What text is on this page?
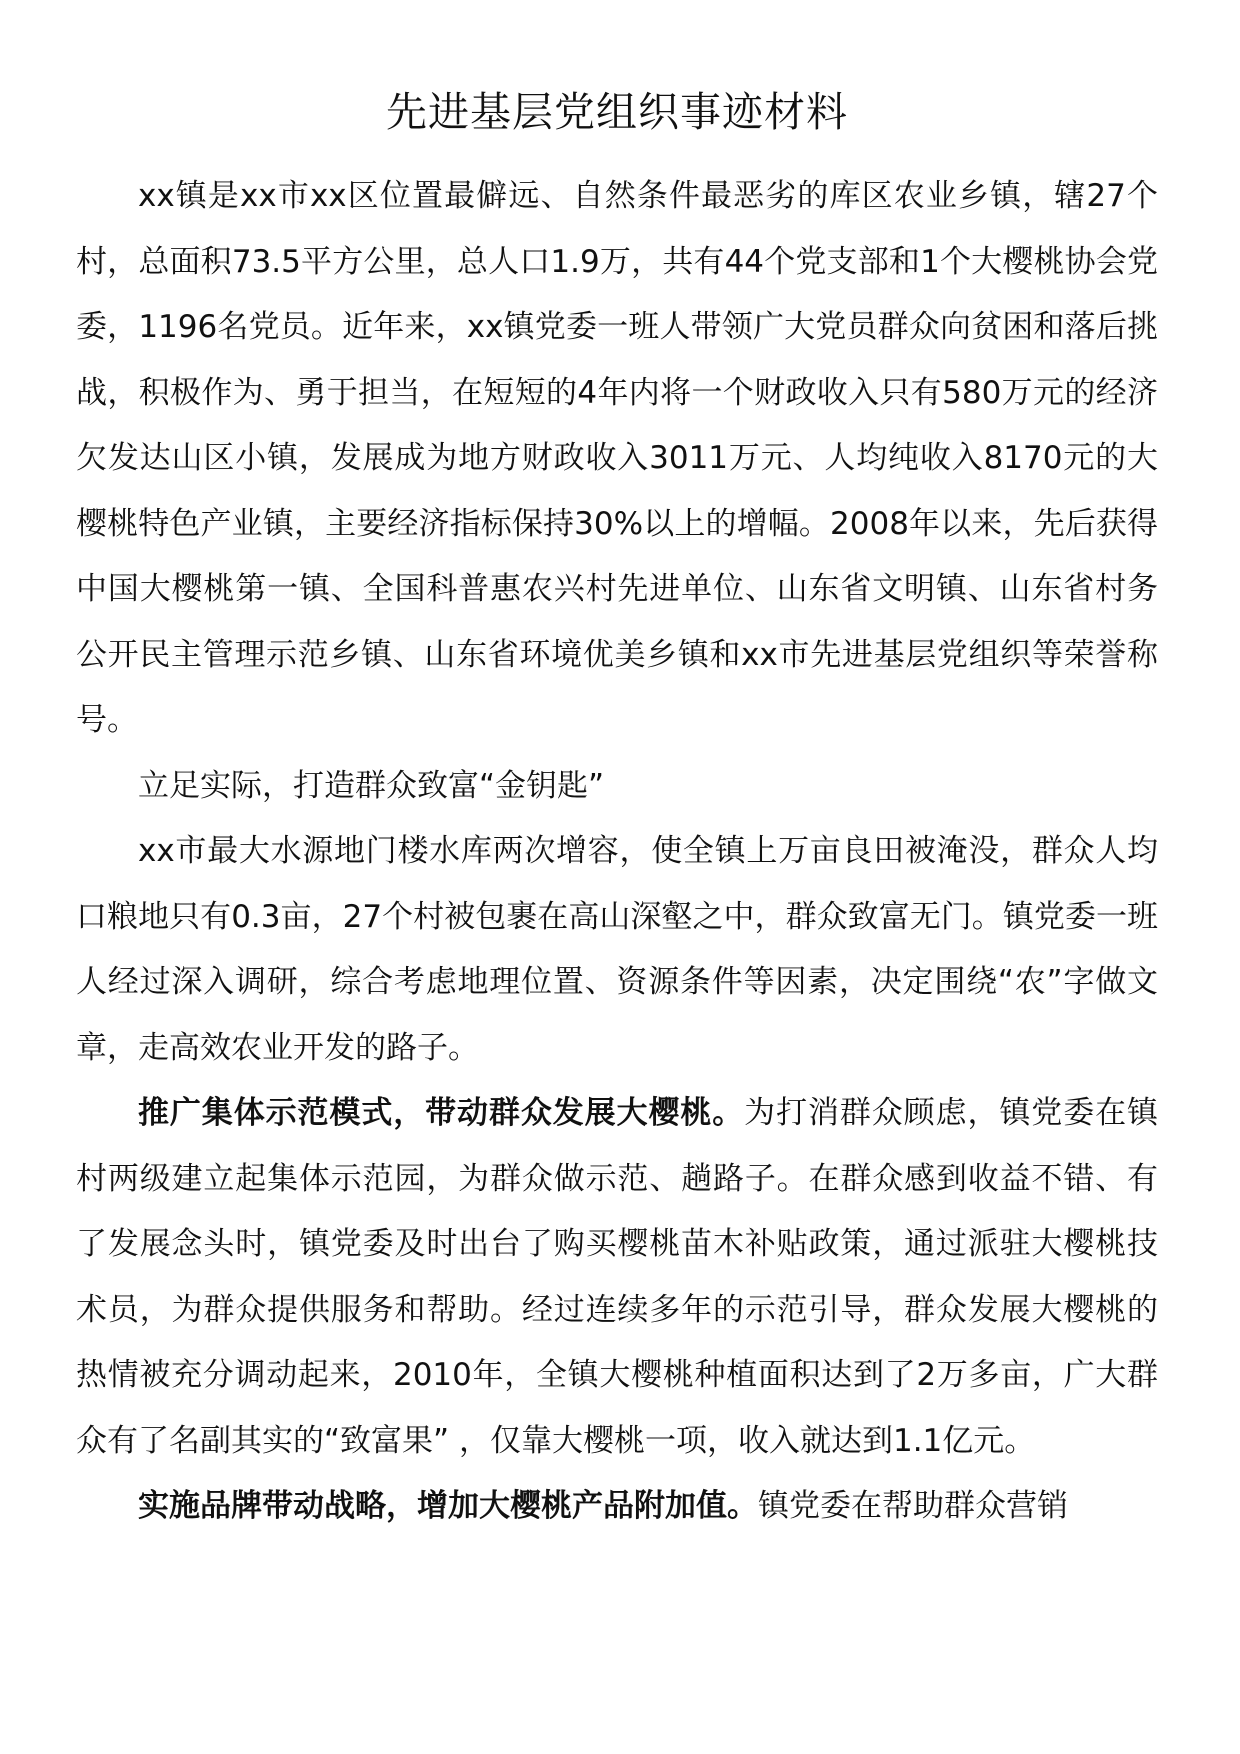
先进基层党组织事迹材料

xx镇是xx市xx区位置最僻远、自然条件最恶劣的库区农业乡镇，辖27个村，总面积73.5平方公里，总人口1.9万，共有44个党支部和1个大樱桃协会党委，1196名党员。近年来，xx镇党委一班人带领广大党员群众向贫困和落后挑战，积极作为、勇于担当，在短短的4年内将一个财政收入只有580万元的经济欠发达山区小镇，发展成为地方财政收入3011万元、人均纯收入8170元的大樱桃特色产业镇，主要经济指标保持30%以上的增幅。2008年以来，先后获得中国大樱桃第一镇、全国科普惠农兴村先进单位、山东省文明镇、山东省村务公开民主管理示范乡镇、山东省环境优美乡镇和xx市先进基层党组织等荣誉称号。

立足实际，打造群众致富“金钥匙”

xx市最大水源地门楼水库两次增容，使全镇上万亩良田被淹没，群众人均口粮地只有0.3亩，27个村被包裹在高山深壑之中，群众致富无门。镇党委一班人经过深入调研，综合考虑地理位置、资源条件等因素，决定围绕“农”字做文章，走高效农业开发的路子。

推广集体示范模式，带动群众发展大樱桃。为打消群众顾虑，镇党委在镇村两级建立起集体示范园，为群众做示范、趟路子。在群众感到收益不错、有了发展念头时，镇党委及时出台了购买樱桃苗木补贴政策，通过派驻大樱桃技术员，为群众提供服务和帮助。经过连续多年的示范引导，群众发展大樱桃的热情被充分调动起来，2010年，全镇大樱桃种植面积达到了2万多亩，广大群众有了名副其实的“致富果” ，仅靠大樱桃一项，收入就达到1.1亿元。

实施品牌带动战略，增加大樱桃产品附加值。镇党委在帮助群众营销
